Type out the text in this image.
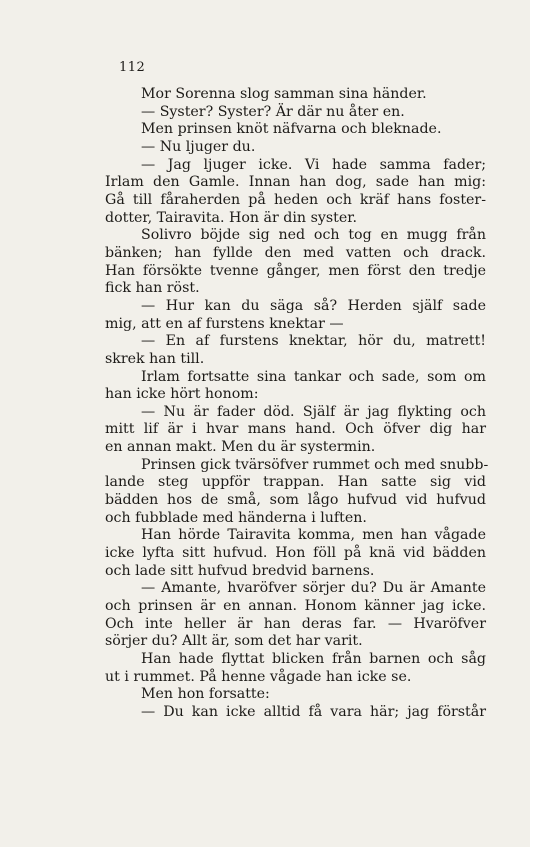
112
Mor Sorenna slog samman sina händer.
— Syster? Syster? Är där nu åter en.
Men prinsen knöt näfvarna och bleknade.
— Nu ljuger du.
— Jag ljuger icke. Vi hade samma fader;
Irlam den Gamle. Innan han dog, sade han mig:
Gå till fåraherden på heden och kräf hans foster-
dotter, Tairavita. Hon är din syster.
Solivro böjde sig ned och tog en mugg från
bänken; han fyllde den med vatten och drack.
Han försökte tvenne gånger, men först den tredje
fick han röst.
— Hur kan du säga så? Herden själf sade
mig, att en af furstens knektar —
— En af furstens knektar, hör du, matrett!
skrek han till.
Irlam fortsatte sina tankar och sade, som om
han icke hört honom:
— Nu är fader död. Själf är jag flykting och
mitt lif är i hvar mans hand. Och öfver dig har
en annan makt. Men du är systermin.
Prinsen gick tvärsöfver rummet och med snubb-
lande steg uppför trappan. Han satte sig vid
bädden hos de små, som lågo hufvud vid hufvud
och fubblade med händerna i luften.
Han hörde Tairavita komma, men han vågade
icke lyfta sitt hufvud. Hon föll på knä vid bädden
och lade sitt hufvud bredvid barnens.
— Amante, hvaröfver sörjer du? Du är Amante
och prinsen är en annan. Honom känner jag icke.
Och inte heller är han deras far. — Hvaröfver
sörjer du? Allt är, som det har varit.
Han hade flyttat blicken från barnen och såg
ut i rummet. På henne vågade han icke se.
Men hon forsatte:
— Du kan icke alltid få vara här; jag förstår
